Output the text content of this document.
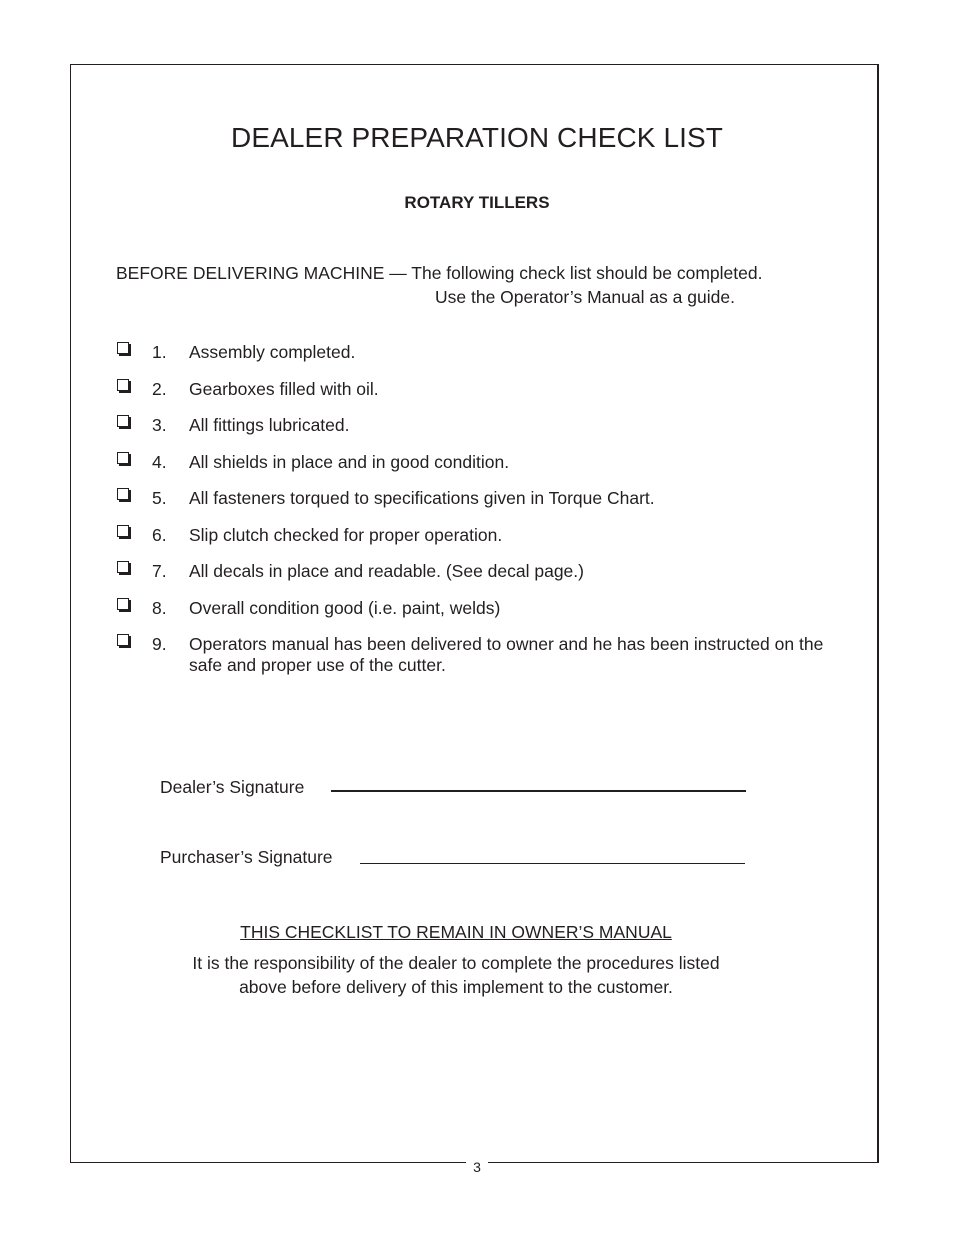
3
DEALER PREPARATION CHECK LIST
ROTARY TILLERS
BEFORE DELIVERING MACHINE — The following check list should be completed.
Use the Operator’s Manual as a guide.
1. Assembly completed.
2. Gearboxes filled with oil.
3. All fittings lubricated.
4. All shields in place and in good condition.
5. All fasteners torqued to specifications given in Torque Chart.
6. Slip clutch checked for proper operation.
7. All decals in place and readable. (See decal page.)
8. Overall condition good (i.e. paint, welds)
9. Operators manual has been delivered to owner and he has been instructed on the safe and proper use of the cutter.
Dealer’s Signature
Purchaser’s Signature
THIS CHECKLIST TO REMAIN IN OWNER’S MANUAL
It is the responsibility of the dealer to complete the procedures listed
above before delivery of this implement to the customer.
